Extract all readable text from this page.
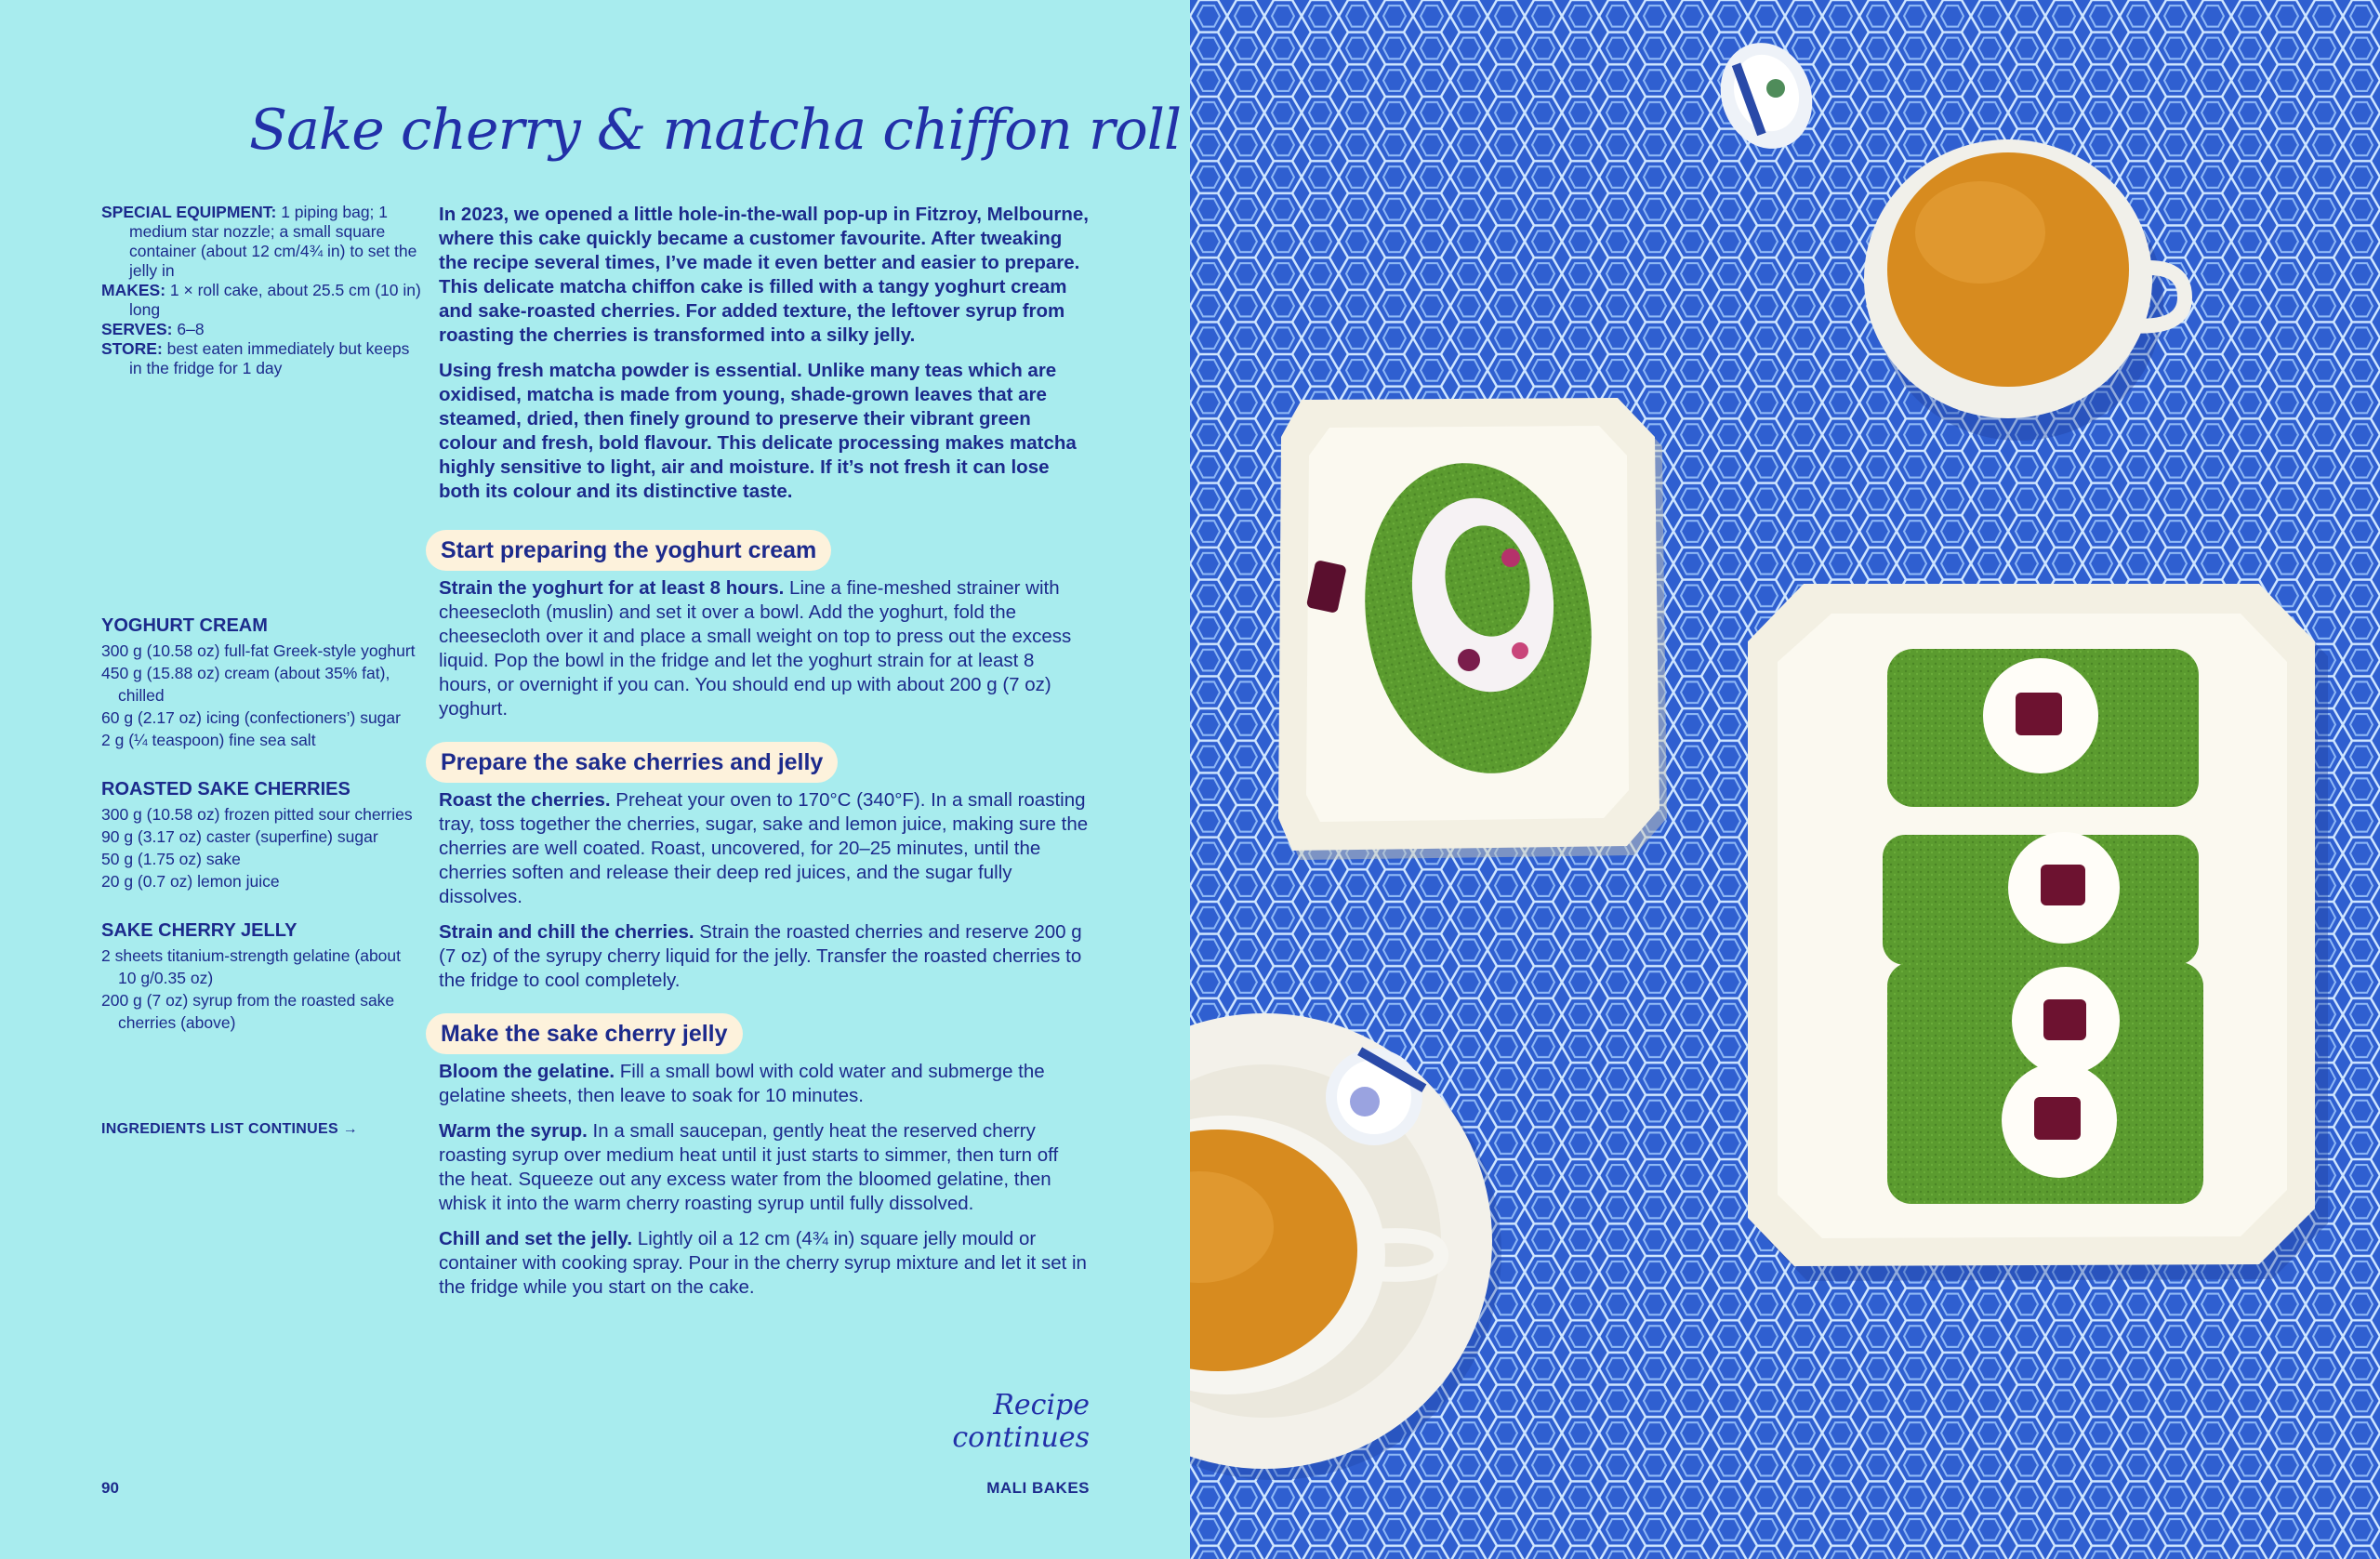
Sake cherry & matcha chiffon roll

SPECIAL EQUIPMENT: 1 piping bag; 1 medium star nozzle; a small square container (about 12 cm/4¾ in) to set the jelly in

MAKES: 1 × roll cake, about 25.5 cm (10 in) long

SERVES: 6–8

STORE: best eaten immediately but keeps in the fridge for 1 day

YOGHURT CREAM

300 g (10.58 oz) full-fat Greek-style yoghurt

450 g (15.88 oz) cream (about 35% fat), chilled

60 g (2.17 oz) icing (confectioners’) sugar

2 g (¼ teaspoon) fine sea salt

ROASTED SAKE CHERRIES

300 g (10.58 oz) frozen pitted sour cherries

90 g (3.17 oz) caster (superfine) sugar

50 g (1.75 oz) sake

20 g (0.7 oz) lemon juice

SAKE CHERRY JELLY

2 sheets titanium-strength gelatine (about 10 g/0.35 oz)

200 g (7 oz) syrup from the roasted sake cherries (above)

INGREDIENTS LIST CONTINUES →

In 2023, we opened a little hole-in-the-wall pop-up in Fitzroy, Melbourne, where this cake quickly became a customer favourite. After tweaking the recipe several times, I’ve made it even better and easier to prepare. This delicate matcha chiffon cake is filled with a tangy yoghurt cream and sake-roasted cherries. For added texture, the leftover syrup from roasting the cherries is transformed into a silky jelly.

Using fresh matcha powder is essential. Unlike many teas which are oxidised, matcha is made from young, shade-grown leaves that are steamed, dried, then finely ground to preserve their vibrant green colour and fresh, bold flavour. This delicate processing makes matcha highly sensitive to light, air and moisture. If it’s not fresh it can lose both its colour and its distinctive taste.

Start preparing the yoghurt cream

Strain the yoghurt for at least 8 hours. Line a fine-meshed strainer with cheesecloth (muslin) and set it over a bowl. Add the yoghurt, fold the cheesecloth over it and place a small weight on top to press out the excess liquid. Pop the bowl in the fridge and let the yoghurt strain for at least 8 hours, or overnight if you can. You should end up with about 200 g (7 oz) yoghurt.

Prepare the sake cherries and jelly

Roast the cherries. Preheat your oven to 170°C (340°F). In a small roasting tray, toss together the cherries, sugar, sake and lemon juice, making sure the cherries are well coated. Roast, uncovered, for 20–25 minutes, until the cherries soften and release their deep red juices, and the sugar fully dissolves.

Strain and chill the cherries. Strain the roasted cherries and reserve 200 g (7 oz) of the syrupy cherry liquid for the jelly. Transfer the roasted cherries to the fridge to cool completely.

Make the sake cherry jelly

Bloom the gelatine. Fill a small bowl with cold water and submerge the gelatine sheets, then leave to soak for 10 minutes.

Warm the syrup. In a small saucepan, gently heat the reserved cherry roasting syrup over medium heat until it just starts to simmer, then turn off the heat. Squeeze out any excess water from the bloomed gelatine, then whisk it into the warm cherry roasting syrup until fully dissolved.

Chill and set the jelly. Lightly oil a 12 cm (4¾ in) square jelly mould or container with cooking spray. Pour in the cherry syrup mixture and let it set in the fridge while you start on the cake.

Recipe continues
90	MALI BAKES
